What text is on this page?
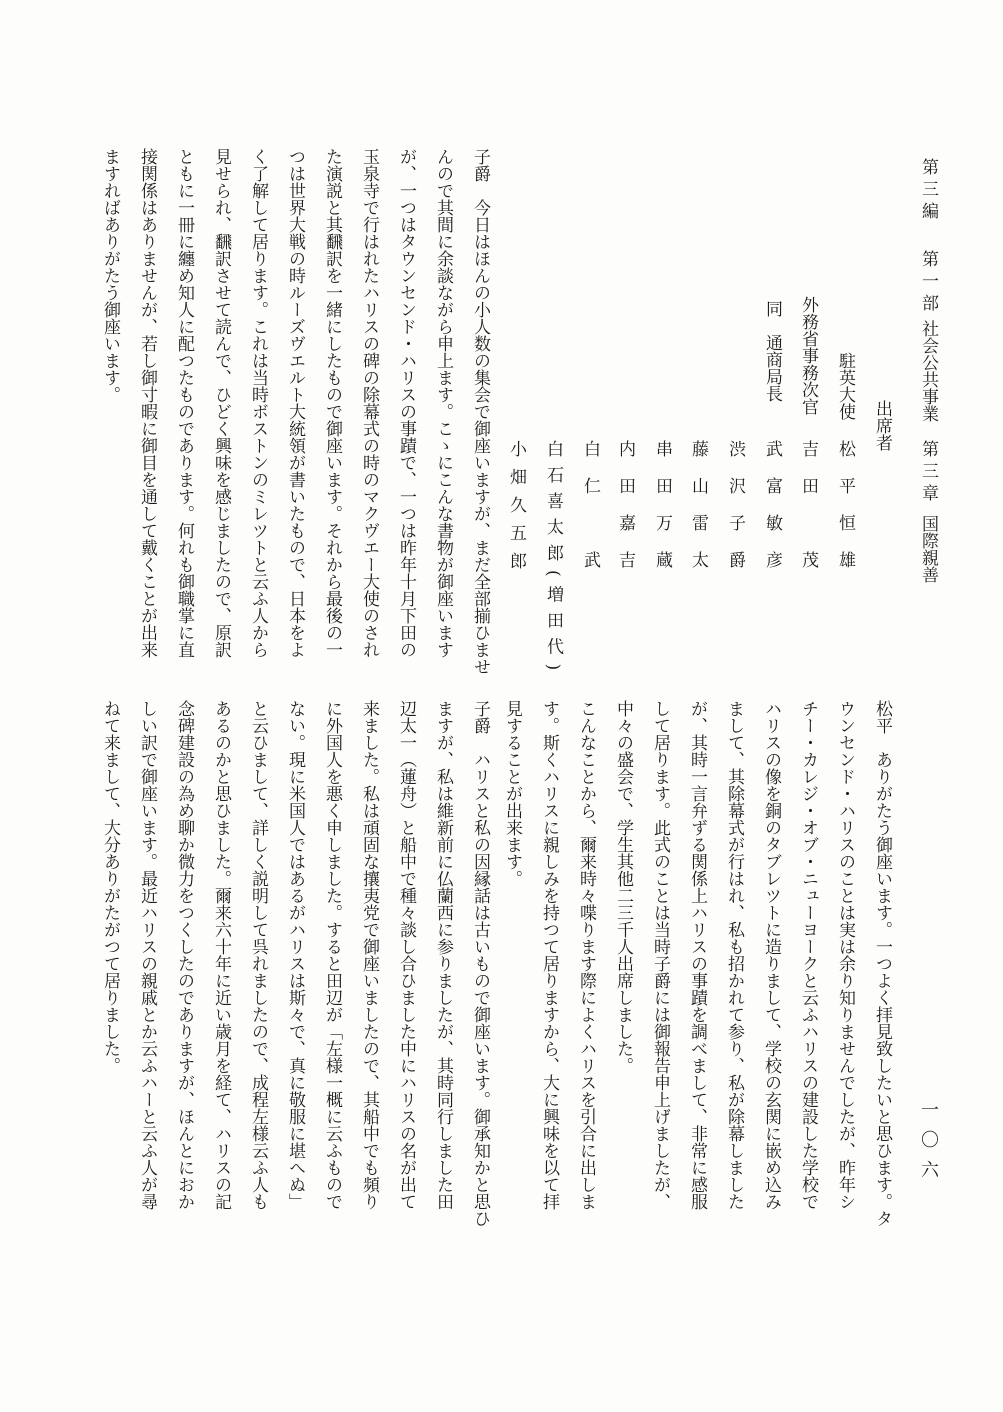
第三編
第一部
社会公共事業
第三章
国際親善
一〇六
出席者
駐英大使
松平恒雄
外務省事務次官
吉田　茂
同　通商局長
武富敏彦
渋沢子爵
藤山雷太
串田万蔵
内田嘉吉
白仁　武
白石喜太郎(増田代)
小畑久五郎
子爵　今日はほんの小人数の集会で御座いますが、まだ全部揃ひませ
んので其間に余談ながら申上ます。こゝにこんな書物が御座います
が、一つはタウンセンド・ハリスの事蹟で、一つは昨年十月下田の
玉泉寺で行はれたハリスの碑の除幕式の時のマクヴエー大使のされ
た演説と其飜訳を一緒にしたもので御座います。それから最後の一
つは世界大戦の時ルーズヴエルト大統領が書いたもので、日本をよ
く了解して居ります。これは当時ボストンのミレツトと云ふ人から
見せられ、飜訳させて読んで、ひどく興味を感じましたので、原訳
ともに一冊に纏め知人に配つたものであります。何れも御職掌に直
接関係はありませんが、若し御寸暇に御目を通して戴くことが出来
ますればありがたう御座います。
松平　ありがたう御座います。一つよく拝見致したいと思ひます。タ
ウンセンド・ハリスのことは実は余り知りませんでしたが、昨年シ
チー・カレジ・オブ・ニューヨークと云ふハリスの建設した学校で
ハリスの像を銅のタブレツトに造りまして、学校の玄関に嵌め込み
まして、其除幕式が行はれ、私も招かれて参り、私が除幕しました
が、其時一言弁ずる関係上ハリスの事蹟を調べまして、非常に感服
して居ります。此式のことは当時子爵には御報告申上げましたが、
中々の盛会で、学生其他二三千人出席しました。
こんなことから、爾来時々喋ります際によくハリスを引合に出しま
す。斯くハリスに親しみを持つて居りますから、大に興味を以て拝
見することが出来ます。
子爵　ハリスと私の因縁話は古いもので御座います。御承知かと思ひ
ますが、私は維新前に仏蘭西に参りましたが、其時同行しました田
辺太一（蓮舟）と船中で種々談し合ひました中にハリスの名が出て
来ました。私は頑固な攘夷党で御座いましたので、其船中でも頻り
に外国人を悪く申しました。すると田辺が「左様一概に云ふもので
ない。現に米国人ではあるがハリスは斯々で、真に敬服に堪へぬ」
と云ひまして、詳しく説明して呉れましたので、成程左様云ふ人も
あるのかと思ひました。爾来六十年に近い歳月を経て、ハリスの記
念碑建設の為め聊か微力をつくしたのでありますが、ほんとにおか
しい訳で御座います。最近ハリスの親戚とか云ふハーと云ふ人が尋
ねて来まして、大分ありがたがつて居りました。
